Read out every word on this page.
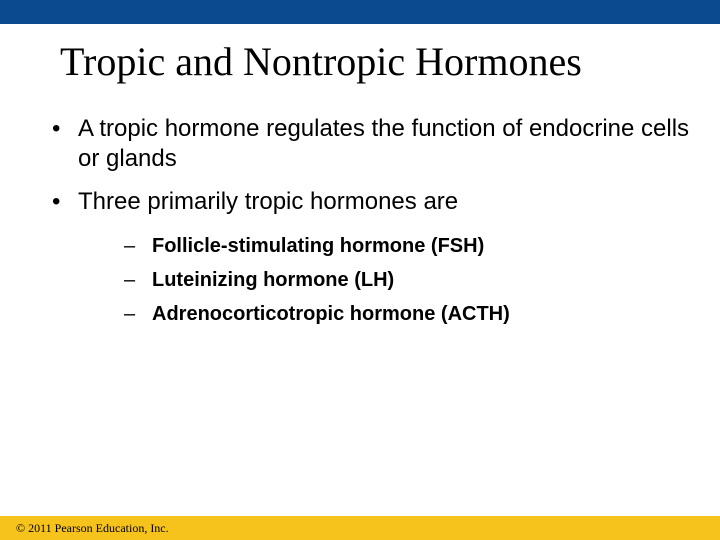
Tropic and Nontropic Hormones
• A tropic hormone regulates the function of endocrine cells or glands
• Three primarily tropic hormones are
– Follicle-stimulating hormone (FSH)
– Luteinizing hormone (LH)
– Adrenocorticotropic hormone (ACTH)
© 2011 Pearson Education, Inc.
